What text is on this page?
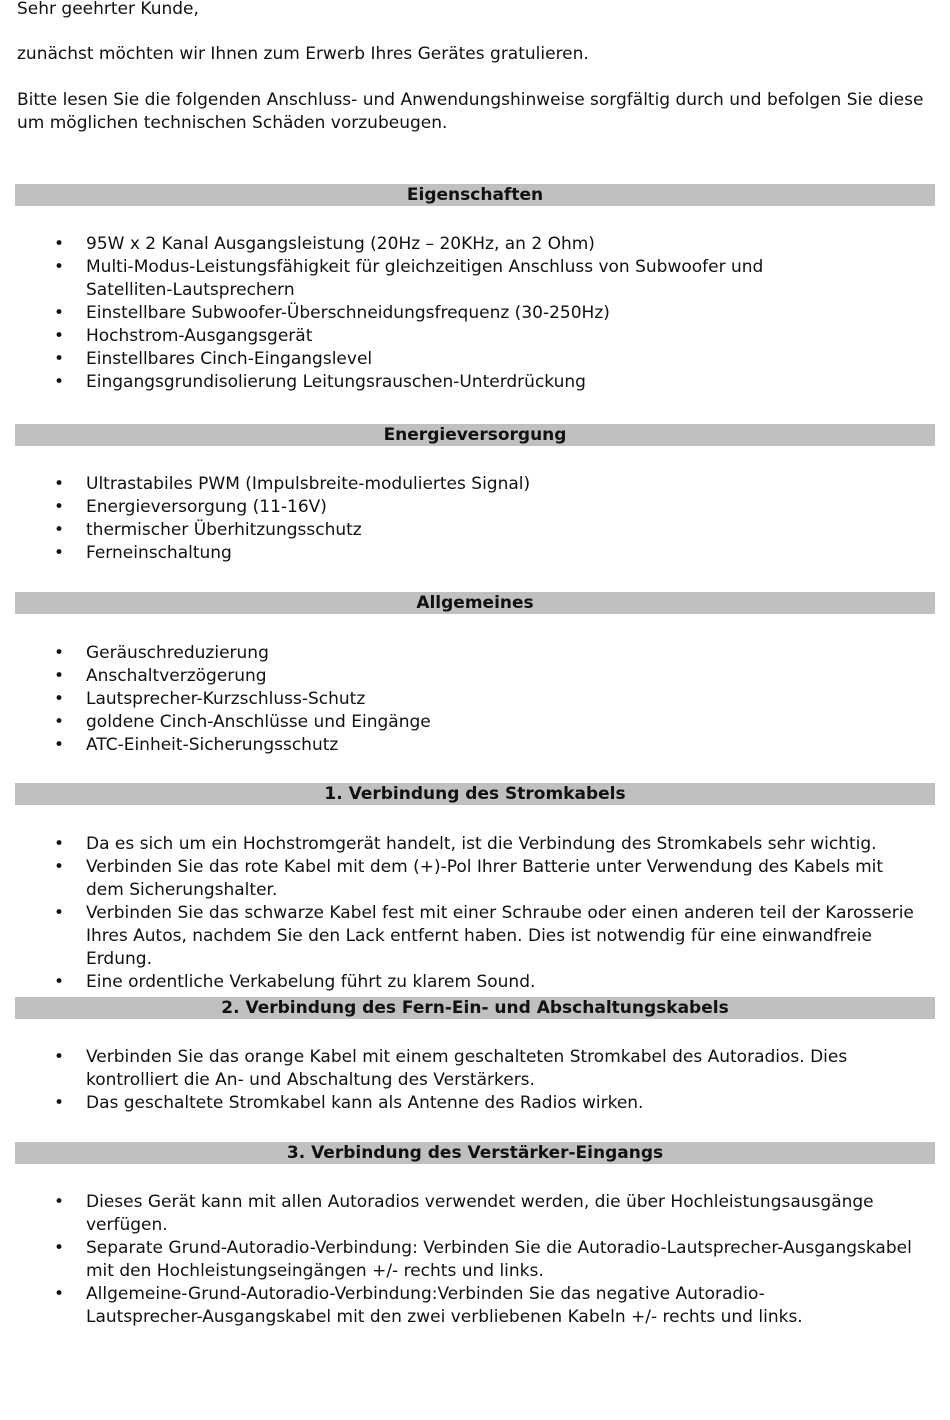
Sehr geehrter Kunde,

zunächst möchten wir Ihnen zum Erwerb Ihres Gerätes gratulieren.

Bitte lesen Sie die folgenden Anschluss- und Anwendungshinweise sorgfältig durch und befolgen Sie diese

um möglichen technischen Schäden vorzubeugen.

Eigenschaften
• 95W x 2 Kanal Ausgangsleistung (20Hz – 20KHz, an 2 Ohm)
• Multi-Modus-Leistungsfähigkeit für gleichzeitigen Anschluss von Subwoofer und Satelliten-Lautsprechern
• Einstellbare Subwoofer-Überschneidungsfrequenz (30-250Hz)
• Hochstrom-Ausgangsgerät
• Einstellbares Cinch-Eingangslevel
• Eingangsgrundisolierung Leitungsrauschen-Unterdrückung
Energieversorgung
• Ultrastabiles PWM (Impulsbreite-moduliertes Signal)
• Energieversorgung (11-16V)
• thermischer Überhitzungsschutz
• Ferneinschaltung
Allgemeines
• Geräuschreduzierung
• Anschaltverzögerung
• Lautsprecher-Kurzschluss-Schutz
• goldene Cinch-Anschlüsse und Eingänge
• ATC-Einheit-Sicherungsschutz
1. Verbindung des Stromkabels
• Da es sich um ein Hochstromgerät handelt, ist die Verbindung des Stromkabels sehr wichtig.
• Verbinden Sie das rote Kabel mit dem (+)-Pol Ihrer Batterie unter Verwendung des Kabels mit dem Sicherungshalter.
• Verbinden Sie das schwarze Kabel fest mit einer Schraube oder einen anderen teil der Karosserie Ihres Autos, nachdem Sie den Lack entfernt haben. Dies ist notwendig für eine einwandfreie Erdung.
• Eine ordentliche Verkabelung führt zu klarem Sound.
2. Verbindung des Fern-Ein- und Abschaltungskabels
• Verbinden Sie das orange Kabel mit einem geschalteten Stromkabel des Autoradios. Dies kontrolliert die An- und Abschaltung des Verstärkers.
• Das geschaltete Stromkabel kann als Antenne des Radios wirken.
3. Verbindung des Verstärker-Eingangs
• Dieses Gerät kann mit allen Autoradios verwendet werden, die über Hochleistungsausgänge verfügen.
• Separate Grund-Autoradio-Verbindung: Verbinden Sie die Autoradio-Lautsprecher-Ausgangskabel mit den Hochleistungseingängen +/- rechts und links.
• Allgemeine-Grund-Autoradio-Verbindung:Verbinden Sie das negative Autoradio-Lautsprecher-Ausgangskabel mit den zwei verbliebenen Kabeln +/- rechts und links.
